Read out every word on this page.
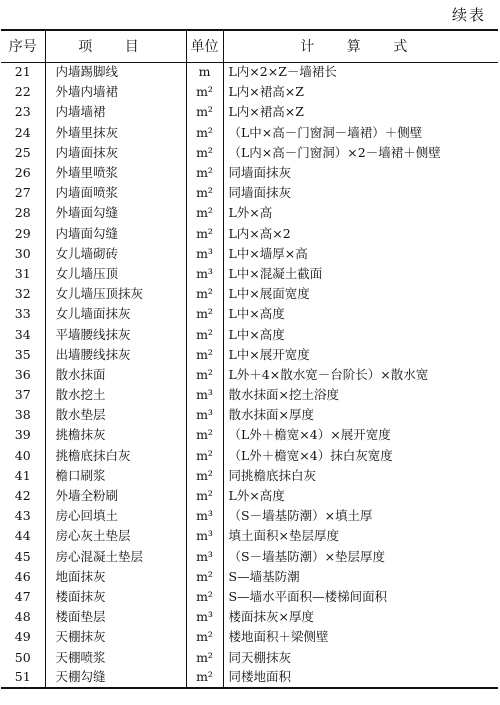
续表
序号	项 目	单位	计 算 式
21	内墙踢脚线	m	L内×2×Z－墙裙长
22	外墙内墙裙	m²	L内×裙高×Z
23	内墙墙裙	m²	L内×裙高×Z
24	外墙里抹灰	m²	（L中×高－门窗洞－墙裙）＋侧壁
25	内墙面抹灰	m²	（L内×高－门窗洞）×2－墙裙＋侧壁
26	外墙里喷浆	m²	同墙面抹灰
27	内墙面喷浆	m²	同墙面抹灰
28	外墙面勾缝	m²	L外×高
29	内墙面勾缝	m²	L内×高×2
30	女儿墙砌砖	m³	L中×墙厚×高
31	女儿墙压顶	m³	L中×混凝土截面
32	女儿墙压顶抹灰	m²	L中×展面宽度
33	女儿墙面抹灰	m²	L中×高度
34	平墙腰线抹灰	m²	L中×高度
35	出墙腰线抹灰	m²	L中×展开宽度
36	散水抹面	m²	L外＋4×散水宽－台阶长）×散水宽
37	散水挖土	m³	散水抹面×挖土浴度
38	散水垫层	m³	散水抹面×厚度
39	挑檐抹灰	m²	（L外＋檐宽×4）×展开宽度
40	挑檐底抹白灰	m²	（L外＋檐宽×4）抹白灰宽度
41	檐口刷浆	m²	同挑檐底抹白灰
42	外墙全粉刷	m²	L外×高度
43	房心回填土	m³	（S－墙基防潮）×填土厚
44	房心灰土垫层	m³	填土面积×垫层厚度
45	房心混凝土垫层	m³	（S－墙基防潮）×垫层厚度
46	地面抹灰	m²	S—墙基防潮
47	楼面抹灰	m²	S—墙水平面积—楼梯间面积
48	楼面垫层	m³	楼面抹灰×厚度
49	天棚抹灰	m²	楼地面积＋梁侧壁
50	天棚喷浆	m²	同天棚抹灰
51	天棚勾缝	m²	同楼地面积
